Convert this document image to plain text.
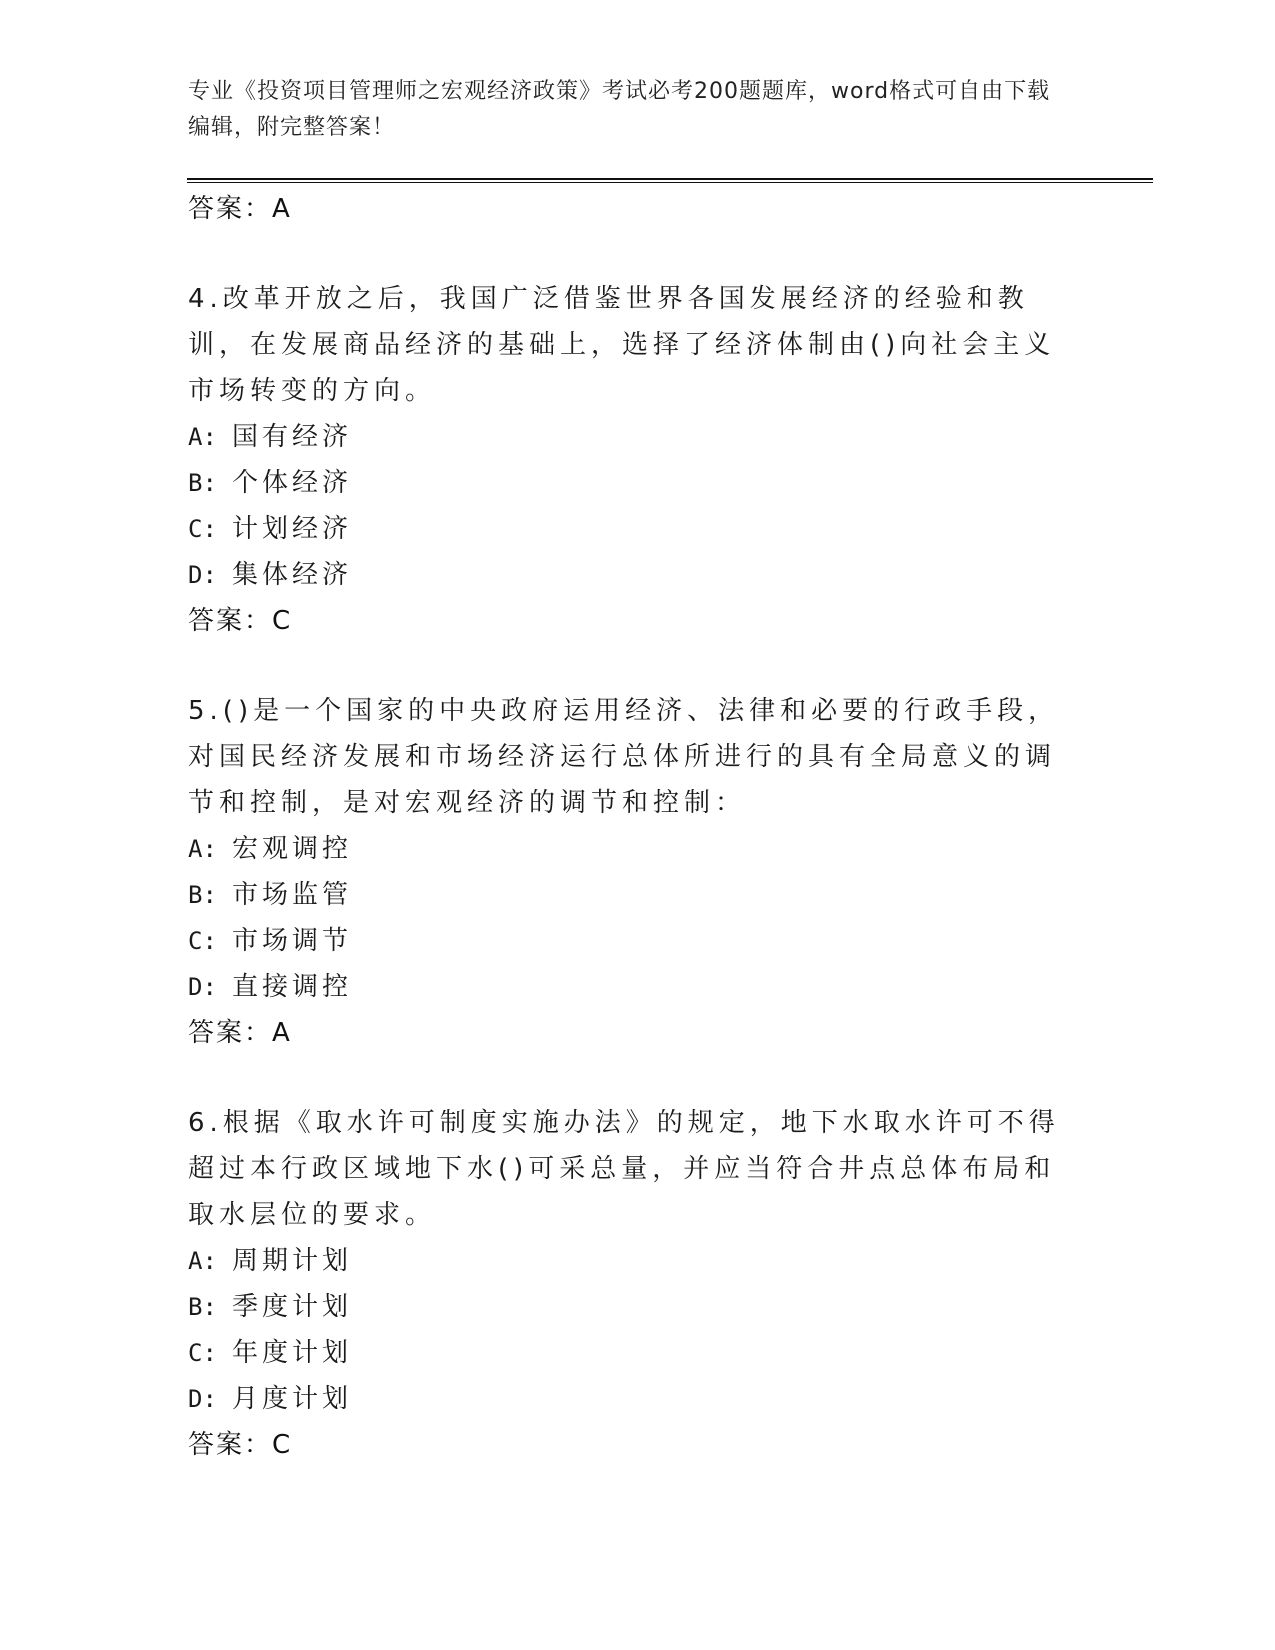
专业《投资项目管理师之宏观经济政策》考试必考200题题库，word格式可自由下载编辑，附完整答案！
答案：A
4.改革开放之后，我国广泛借鉴世界各国发展经济的经验和教训，在发展商品经济的基础上，选择了经济体制由()向社会主义市场转变的方向。
A: 国有经济
B: 个体经济
C: 计划经济
D: 集体经济
答案：C
5.()是一个国家的中央政府运用经济、法律和必要的行政手段，对国民经济发展和市场经济运行总体所进行的具有全局意义的调节和控制，是对宏观经济的调节和控制：
A: 宏观调控
B: 市场监管
C: 市场调节
D: 直接调控
答案：A
6.根据《取水许可制度实施办法》的规定，地下水取水许可不得超过本行政区域地下水()可采总量，并应当符合井点总体布局和取水层位的要求。
A: 周期计划
B: 季度计划
C: 年度计划
D: 月度计划
答案：C
